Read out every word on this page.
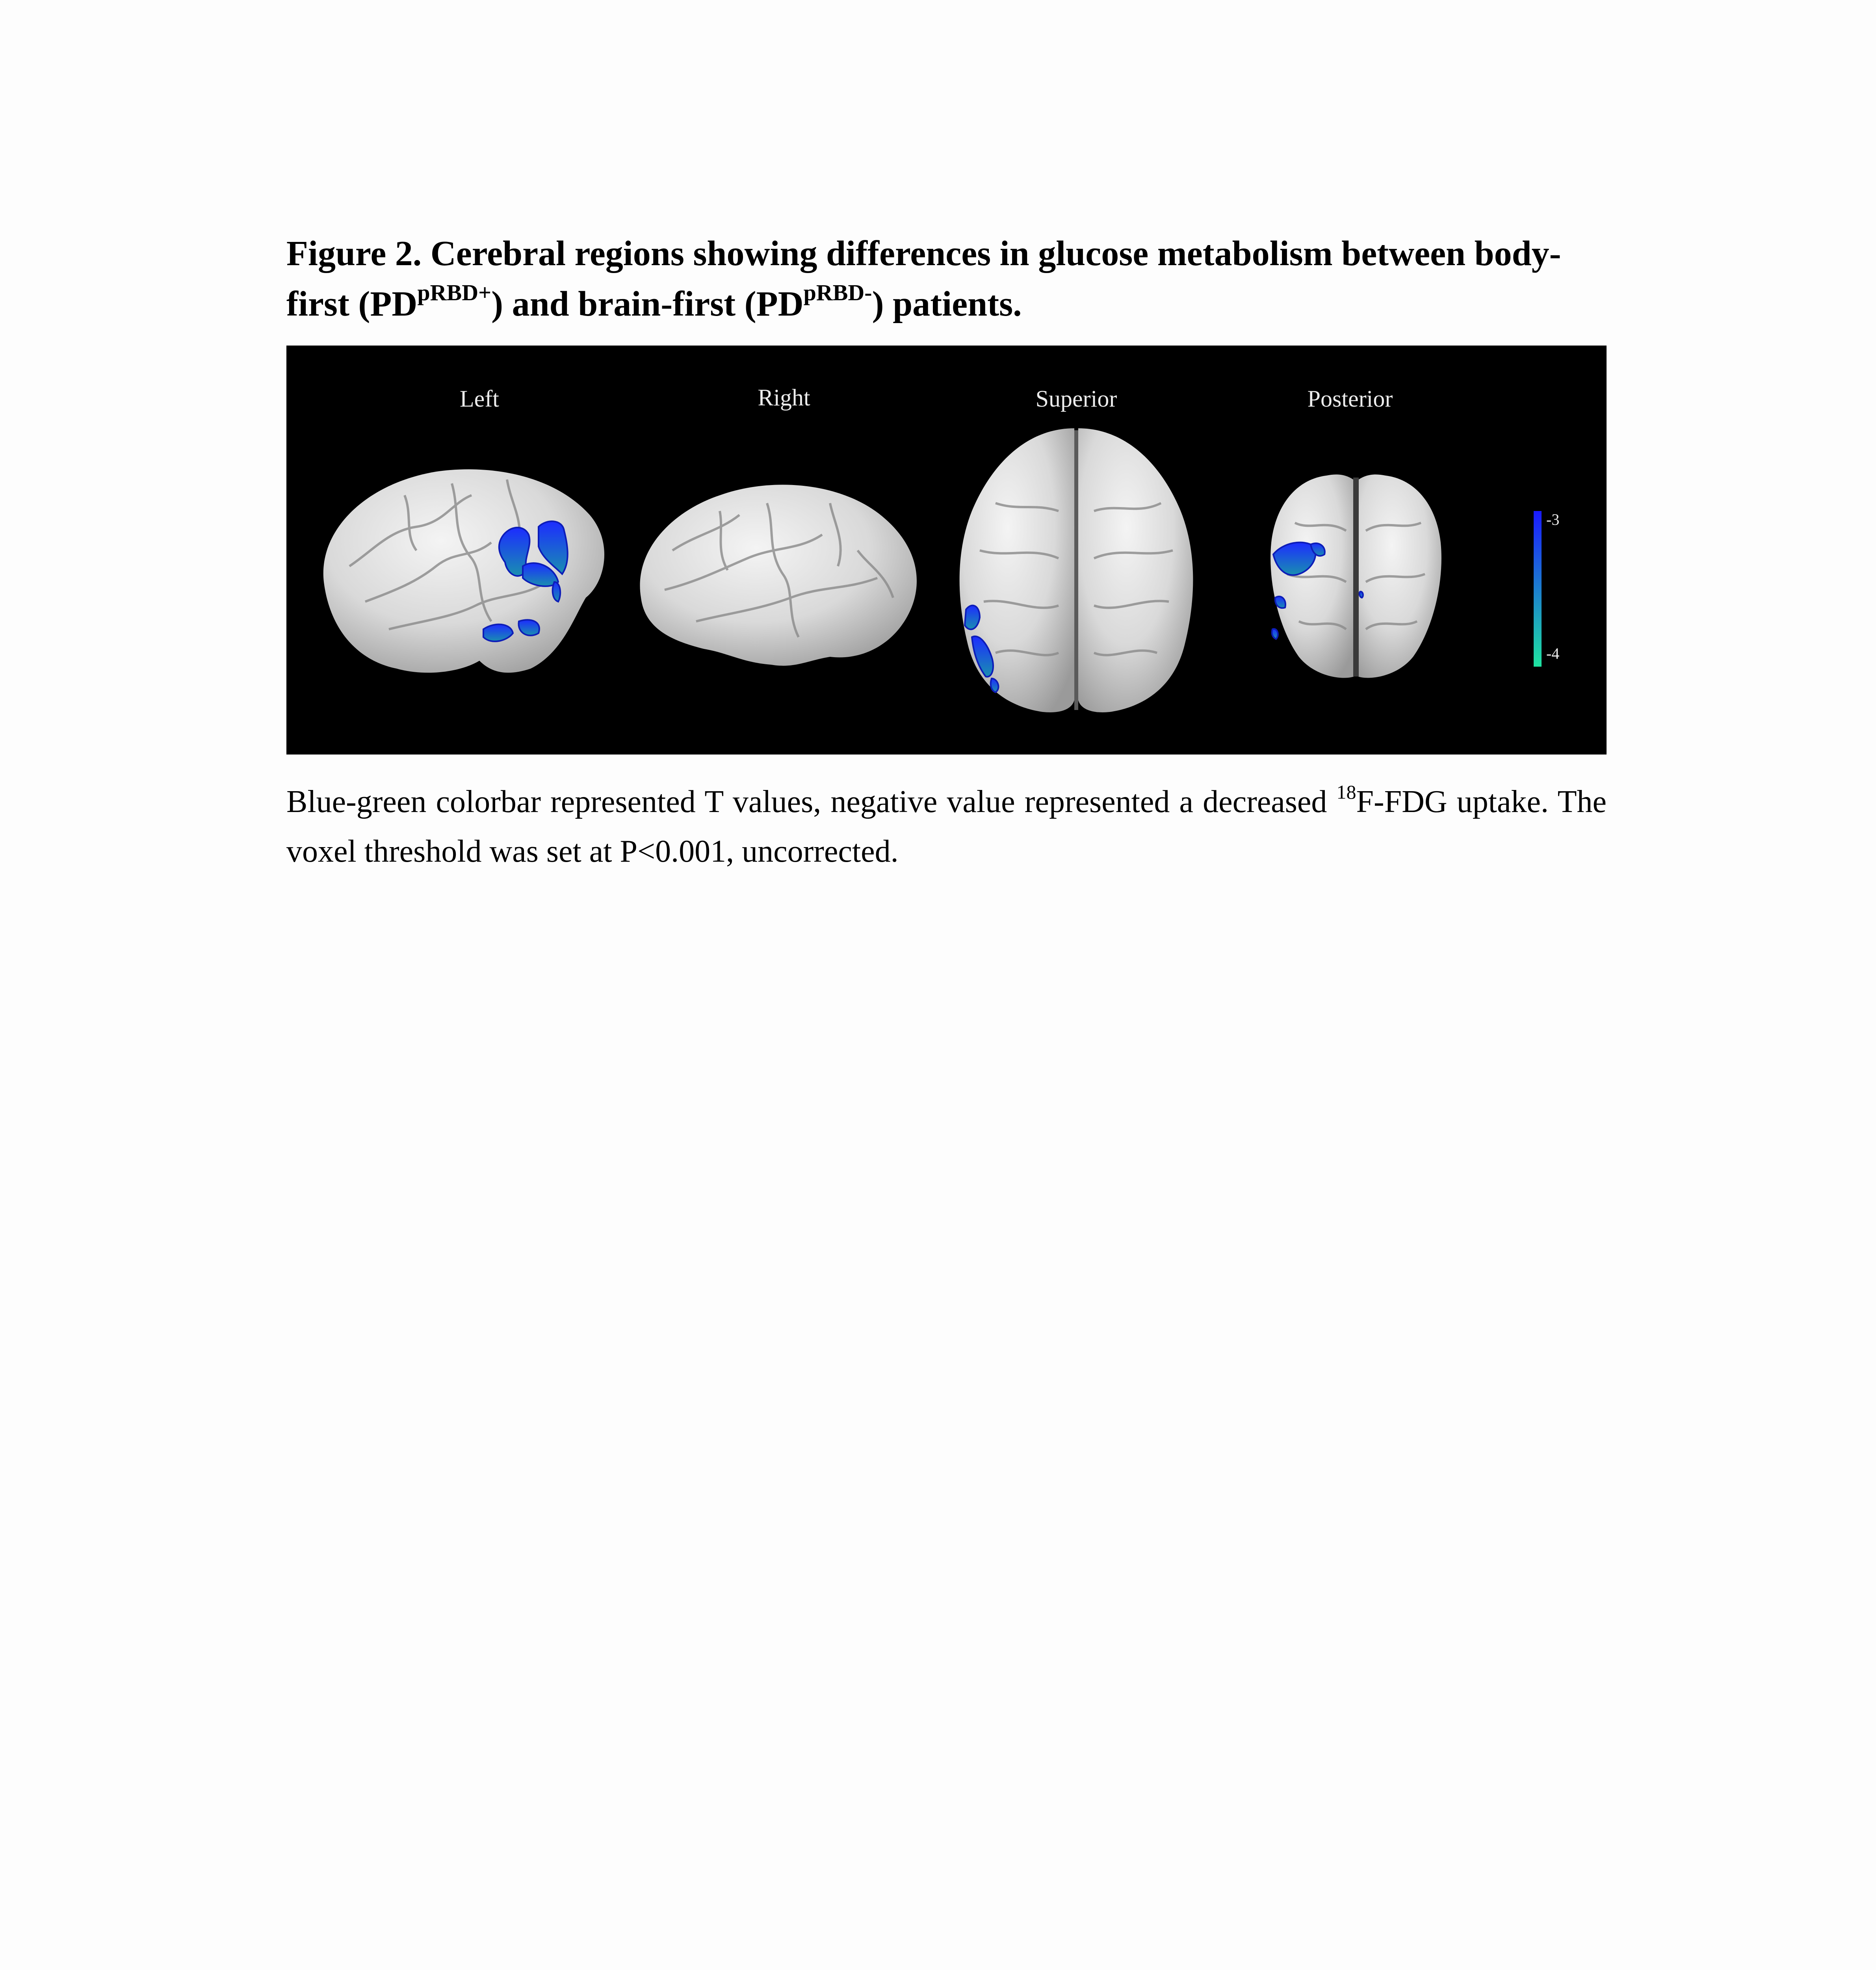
Figure 2. Cerebral regions showing differences in glucose metabolism between body-first $(PD^{pRBD+})$ and brain-first $(PD^{pRBD-})$ patients.
Left	Right	Superior	Posterior
-3
-4

Blue-green colorbar represented T values, negative value represented a decreased $^{18}$F-FDG uptake. The voxel threshold was set at P<0.001, uncorrected.
